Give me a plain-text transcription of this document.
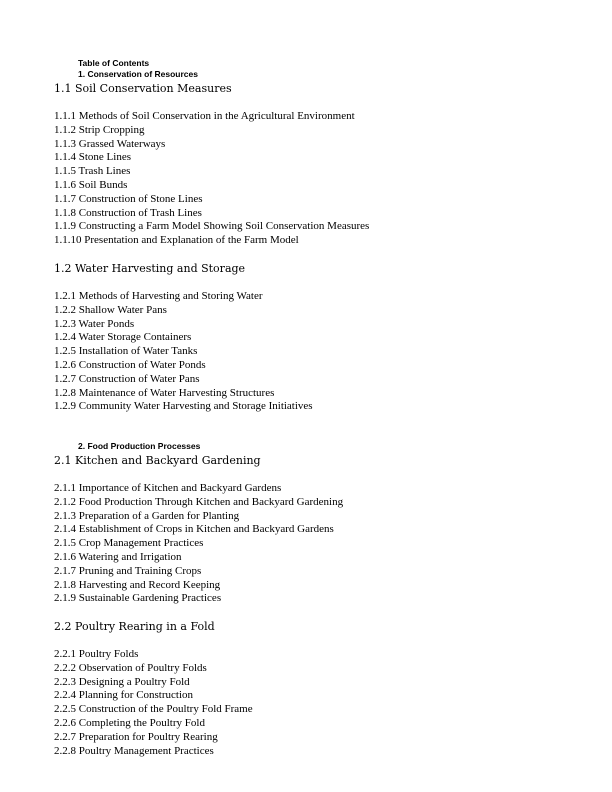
Table of Contents
1. Conservation of Resources
1.1 Soil Conservation Measures
1.1.1 Methods of Soil Conservation in the Agricultural Environment
1.1.2 Strip Cropping
1.1.3 Grassed Waterways
1.1.4 Stone Lines
1.1.5 Trash Lines
1.1.6 Soil Bunds
1.1.7 Construction of Stone Lines
1.1.8 Construction of Trash Lines
1.1.9 Constructing a Farm Model Showing Soil Conservation Measures
1.1.10 Presentation and Explanation of the Farm Model
1.2 Water Harvesting and Storage
1.2.1 Methods of Harvesting and Storing Water
1.2.2 Shallow Water Pans
1.2.3 Water Ponds
1.2.4 Water Storage Containers
1.2.5 Installation of Water Tanks
1.2.6 Construction of Water Ponds
1.2.7 Construction of Water Pans
1.2.8 Maintenance of Water Harvesting Structures
1.2.9 Community Water Harvesting and Storage Initiatives
2. Food Production Processes
2.1 Kitchen and Backyard Gardening
2.1.1 Importance of Kitchen and Backyard Gardens
2.1.2 Food Production Through Kitchen and Backyard Gardening
2.1.3 Preparation of a Garden for Planting
2.1.4 Establishment of Crops in Kitchen and Backyard Gardens
2.1.5 Crop Management Practices
2.1.6 Watering and Irrigation
2.1.7 Pruning and Training Crops
2.1.8 Harvesting and Record Keeping
2.1.9 Sustainable Gardening Practices
2.2 Poultry Rearing in a Fold
2.2.1 Poultry Folds
2.2.2 Observation of Poultry Folds
2.2.3 Designing a Poultry Fold
2.2.4 Planning for Construction
2.2.5 Construction of the Poultry Fold Frame
2.2.6 Completing the Poultry Fold
2.2.7 Preparation for Poultry Rearing
2.2.8 Poultry Management Practices
